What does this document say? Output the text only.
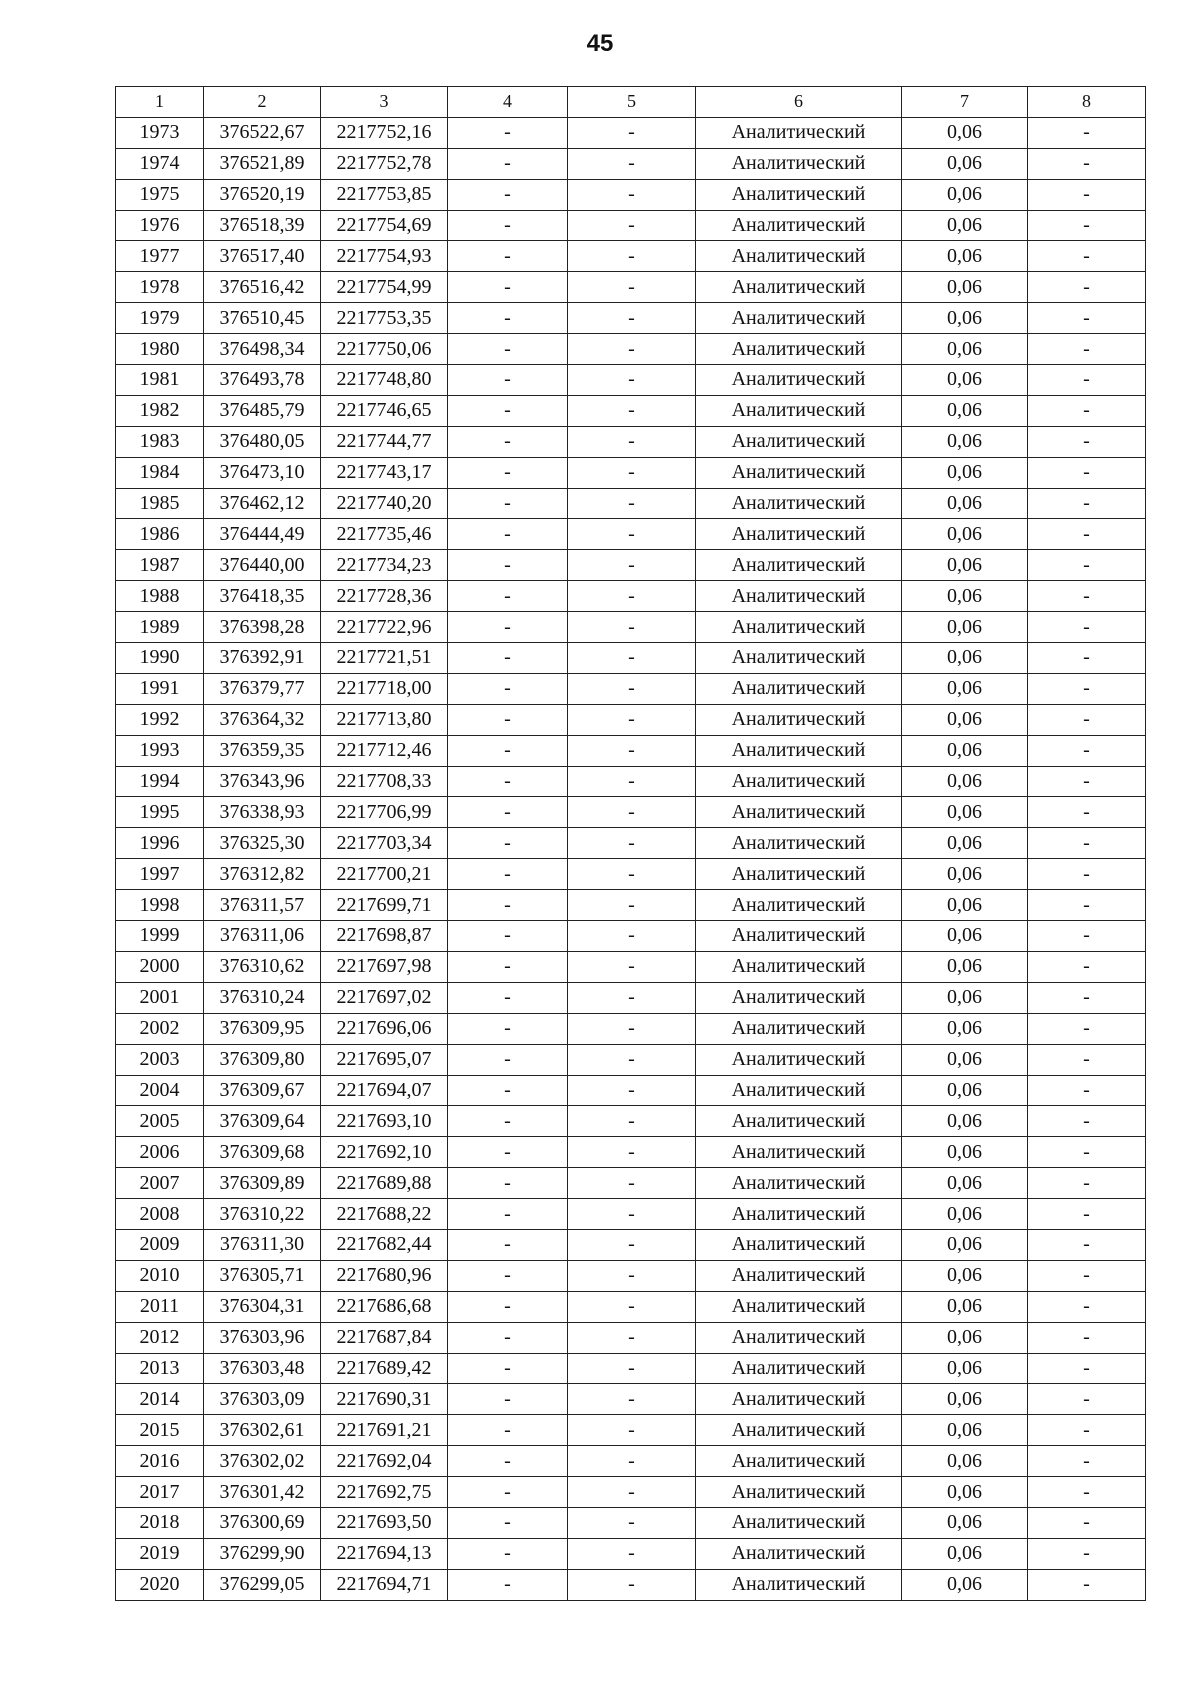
45
1	2	3	4	5	6	7	8
1973	376522,67	2217752,16	-	-	Аналитический	0,06	-
1974	376521,89	2217752,78	-	-	Аналитический	0,06	-
1975	376520,19	2217753,85	-	-	Аналитический	0,06	-
1976	376518,39	2217754,69	-	-	Аналитический	0,06	-
1977	376517,40	2217754,93	-	-	Аналитический	0,06	-
1978	376516,42	2217754,99	-	-	Аналитический	0,06	-
1979	376510,45	2217753,35	-	-	Аналитический	0,06	-
1980	376498,34	2217750,06	-	-	Аналитический	0,06	-
1981	376493,78	2217748,80	-	-	Аналитический	0,06	-
1982	376485,79	2217746,65	-	-	Аналитический	0,06	-
1983	376480,05	2217744,77	-	-	Аналитический	0,06	-
1984	376473,10	2217743,17	-	-	Аналитический	0,06	-
1985	376462,12	2217740,20	-	-	Аналитический	0,06	-
1986	376444,49	2217735,46	-	-	Аналитический	0,06	-
1987	376440,00	2217734,23	-	-	Аналитический	0,06	-
1988	376418,35	2217728,36	-	-	Аналитический	0,06	-
1989	376398,28	2217722,96	-	-	Аналитический	0,06	-
1990	376392,91	2217721,51	-	-	Аналитический	0,06	-
1991	376379,77	2217718,00	-	-	Аналитический	0,06	-
1992	376364,32	2217713,80	-	-	Аналитический	0,06	-
1993	376359,35	2217712,46	-	-	Аналитический	0,06	-
1994	376343,96	2217708,33	-	-	Аналитический	0,06	-
1995	376338,93	2217706,99	-	-	Аналитический	0,06	-
1996	376325,30	2217703,34	-	-	Аналитический	0,06	-
1997	376312,82	2217700,21	-	-	Аналитический	0,06	-
1998	376311,57	2217699,71	-	-	Аналитический	0,06	-
1999	376311,06	2217698,87	-	-	Аналитический	0,06	-
2000	376310,62	2217697,98	-	-	Аналитический	0,06	-
2001	376310,24	2217697,02	-	-	Аналитический	0,06	-
2002	376309,95	2217696,06	-	-	Аналитический	0,06	-
2003	376309,80	2217695,07	-	-	Аналитический	0,06	-
2004	376309,67	2217694,07	-	-	Аналитический	0,06	-
2005	376309,64	2217693,10	-	-	Аналитический	0,06	-
2006	376309,68	2217692,10	-	-	Аналитический	0,06	-
2007	376309,89	2217689,88	-	-	Аналитический	0,06	-
2008	376310,22	2217688,22	-	-	Аналитический	0,06	-
2009	376311,30	2217682,44	-	-	Аналитический	0,06	-
2010	376305,71	2217680,96	-	-	Аналитический	0,06	-
2011	376304,31	2217686,68	-	-	Аналитический	0,06	-
2012	376303,96	2217687,84	-	-	Аналитический	0,06	-
2013	376303,48	2217689,42	-	-	Аналитический	0,06	-
2014	376303,09	2217690,31	-	-	Аналитический	0,06	-
2015	376302,61	2217691,21	-	-	Аналитический	0,06	-
2016	376302,02	2217692,04	-	-	Аналитический	0,06	-
2017	376301,42	2217692,75	-	-	Аналитический	0,06	-
2018	376300,69	2217693,50	-	-	Аналитический	0,06	-
2019	376299,90	2217694,13	-	-	Аналитический	0,06	-
2020	376299,05	2217694,71	-	-	Аналитический	0,06	-
